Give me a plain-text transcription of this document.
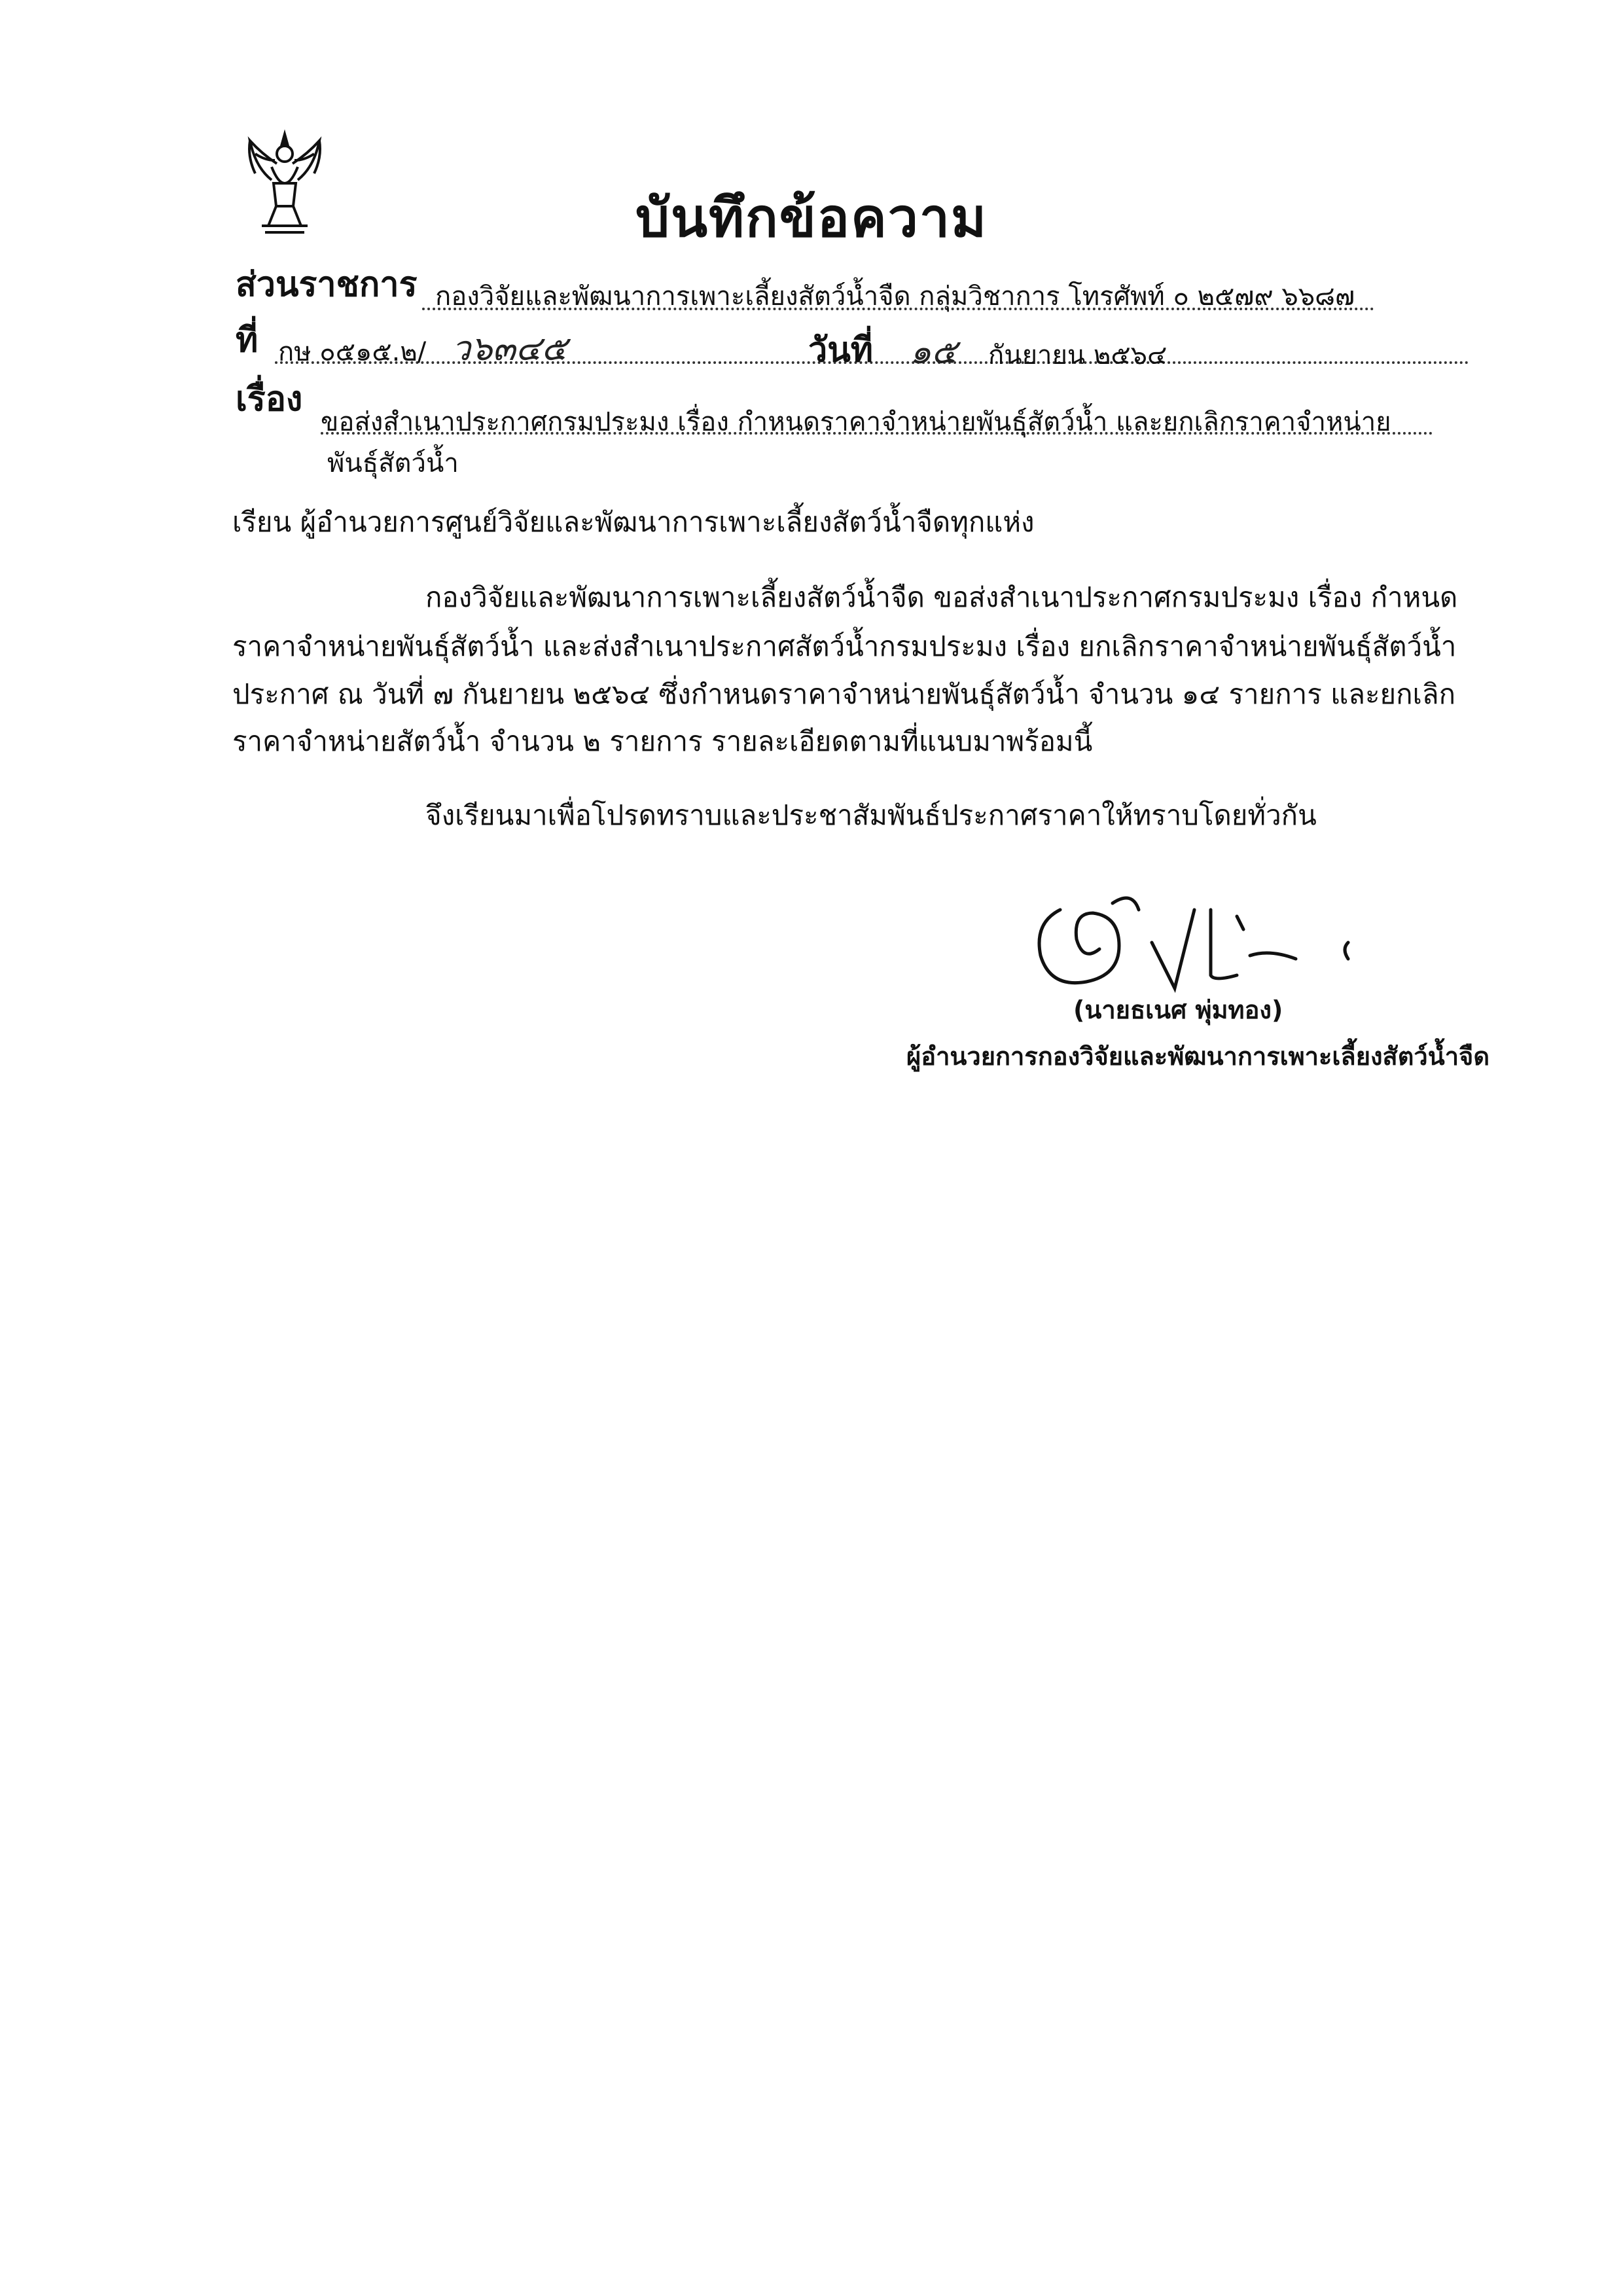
บันทึกข้อความ
ส่วนราชการ กองวิจัยและพัฒนาการเพาะเลี้ยงสัตว์น้ำจืด กลุ่มวิชาการ โทรศัพท์ ๐ ๒๕๗๙ ๖๖๘๗
ที่ กษ ๐๕๑๕.๒/ ว๖๓๔๕	วันที่ ๑๕ กันยายน ๒๕๖๔
เรื่อง
ขอส่งสำเนาประกาศกรมประมง เรื่อง กำหนดราคาจำหน่ายพันธุ์สัตว์น้ำ และยกเลิกราคาจำหน่าย
พันธุ์สัตว์น้ำ
เรียน ผู้อำนวยการศูนย์วิจัยและพัฒนาการเพาะเลี้ยงสัตว์น้ำจืดทุกแห่ง
กองวิจัยและพัฒนาการเพาะเลี้ยงสัตว์น้ำจืด ขอส่งสำเนาประกาศกรมประมง เรื่อง กำหนด
ราคาจำหน่ายพันธุ์สัตว์น้ำ และส่งสำเนาประกาศสัตว์น้ำกรมประมง เรื่อง ยกเลิกราคาจำหน่ายพันธุ์สัตว์น้ำ
ประกาศ ณ วันที่ ๗ กันยายน ๒๕๖๔ ซึ่งกำหนดราคาจำหน่ายพันธุ์สัตว์น้ำ จำนวน ๑๔ รายการ และยกเลิก
ราคาจำหน่ายสัตว์น้ำ จำนวน ๒ รายการ รายละเอียดตามที่แนบมาพร้อมนี้
จึงเรียนมาเพื่อโปรดทราบและประชาสัมพันธ์ประกาศราคาให้ทราบโดยทั่วกัน
(นายธเนศ พุ่มทอง)
ผู้อำนวยการกองวิจัยและพัฒนาการเพาะเลี้ยงสัตว์น้ำจืด
